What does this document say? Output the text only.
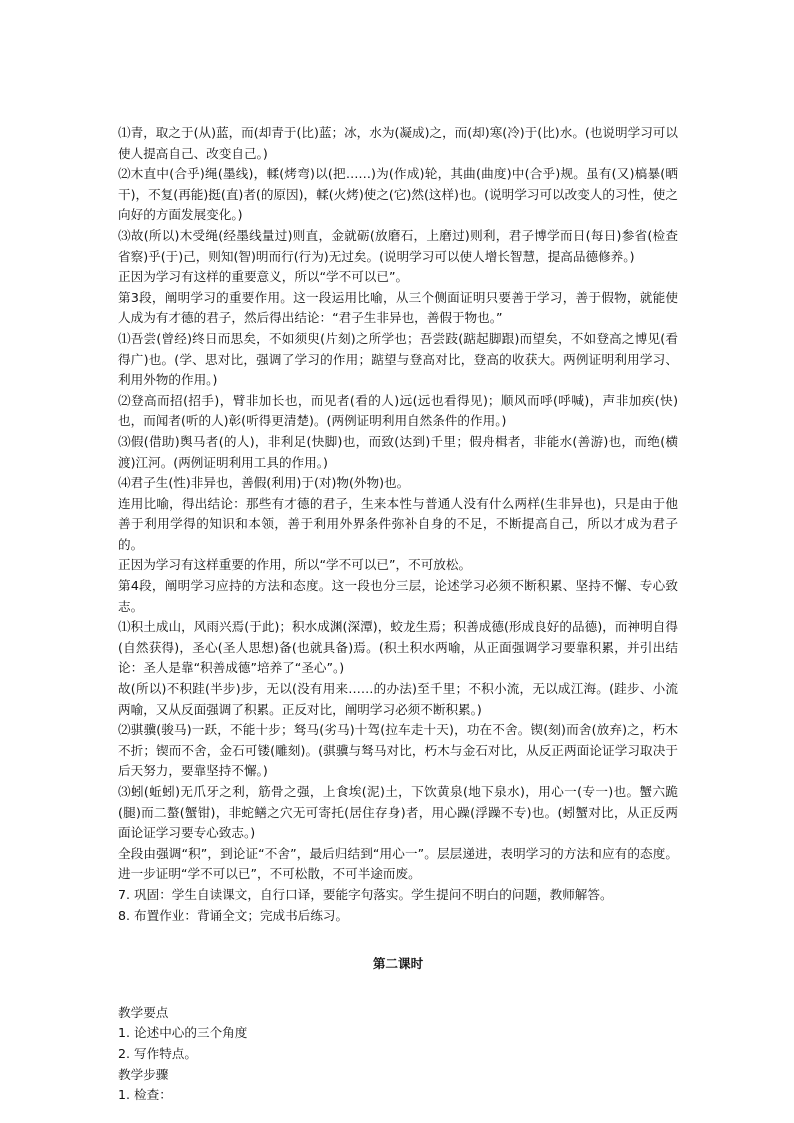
⑴青，取之于(从)蓝，而(却青于(比)蓝；冰，水为(凝成)之，而(却)寒(冷)于(比)水。(也说明学习可以使人提高自己、改变自己。)

⑵木直中(合乎)绳(墨线)，輮(烤弯)以(把……)为(作成)轮，其曲(曲度)中(合乎)规。虽有(又)槁暴(晒干)，不复(再能)挺(直)者(的原因)，輮(火烤)使之(它)然(这样)也。(说明学习可以改变人的习性，使之向好的方面发展变化。)

⑶故(所以)木受绳(经墨线量过)则直，金就砺(放磨石，上磨过)则利，君子博学而日(每日)参省(检查省察)乎(于)己，则知(智)明而行(行为)无过矣。(说明学习可以使人增长智慧，提高品德修养。)

正因为学习有这样的重要意义，所以“学不可以已”。

第3段，阐明学习的重要作用。这一段运用比喻，从三个侧面证明只要善于学习，善于假物，就能使人成为有才德的君子，然后得出结论：“君子生非异也，善假于物也。”

⑴吾尝(曾经)终日而思矣，不如须臾(片刻)之所学也；吾尝跂(踮起脚跟)而望矣，不如登高之博见(看得广)也。(学、思对比，强调了学习的作用；踮望与登高对比，登高的收获大。两例证明利用学习、利用外物的作用。)

⑵登高而招(招手)，臂非加长也，而见者(看的人)远(远也看得见)；顺风而呼(呼喊)，声非加疾(快)也，而闻者(听的人)彰(听得更清楚)。(两例证明利用自然条件的作用。)

⑶假(借助)舆马者(的人)，非利足(快脚)也，而致(达到)千里；假舟楫者，非能水(善游)也，而绝(横渡)江河。(两例证明利用工具的作用。)

⑷君子生(性)非异也，善假(利用)于(对)物(外物)也。

连用比喻，得出结论：那些有才德的君子，生来本性与普通人没有什么两样(生非异也)，只是由于他善于利用学得的知识和本领，善于利用外界条件弥补自身的不足，不断提高自己，所以才成为君子的。

正因为学习有这样重要的作用，所以“学不可以已”，不可放松。

第4段，阐明学习应持的方法和态度。这一段也分三层，论述学习必须不断积累、坚持不懈、专心致志。

⑴积土成山，风雨兴焉(于此)；积水成渊(深潭)，蛟龙生焉；积善成德(形成良好的品德)，而神明自得(自然获得)，圣心(圣人思想)备(也就具备)焉。(积土积水两喻，从正面强调学习要靠积累，并引出结论：圣人是靠“积善成德”培养了“圣心”。)

故(所以)不积跬(半步)步，无以(没有用来……的办法)至千里；不积小流，无以成江海。(跬步、小流两喻，又从反面强调了积累。正反对比，阐明学习必须不断积累。)

⑵骐骥(骏马)一跃，不能十步；驽马(劣马)十驾(拉车走十天)，功在不舍。锲(刻)而舍(放弃)之，朽木不折；锲而不舍，金石可镂(雕刻)。(骐骥与驽马对比，朽木与金石对比，从反正两面论证学习取决于后天努力，要靠坚持不懈。)

⑶蚓(蚯蚓)无爪牙之利，筋骨之强，上食埃(泥)土，下饮黄泉(地下泉水)，用心一(专一)也。蟹六跪(腿)而二螯(蟹钳)，非蛇鳝之穴无可寄托(居住存身)者，用心躁(浮躁不专)也。(蚓蟹对比，从正反两面论证学习要专心致志。)

全段由强调“积”，到论证“不舍”，最后归结到“用心一”。层层递进，表明学习的方法和应有的态度。进一步证明“学不可以已”，不可松散，不可半途而废。

7. 巩固：学生自读课文，自行口译，要能字句落实。学生提问不明白的问题，教师解答。

8. 布置作业：背诵全文；完成书后练习。

第二课时

教学要点

1. 论述中心的三个角度

2. 写作特点。

教学步骤

1. 检查：
